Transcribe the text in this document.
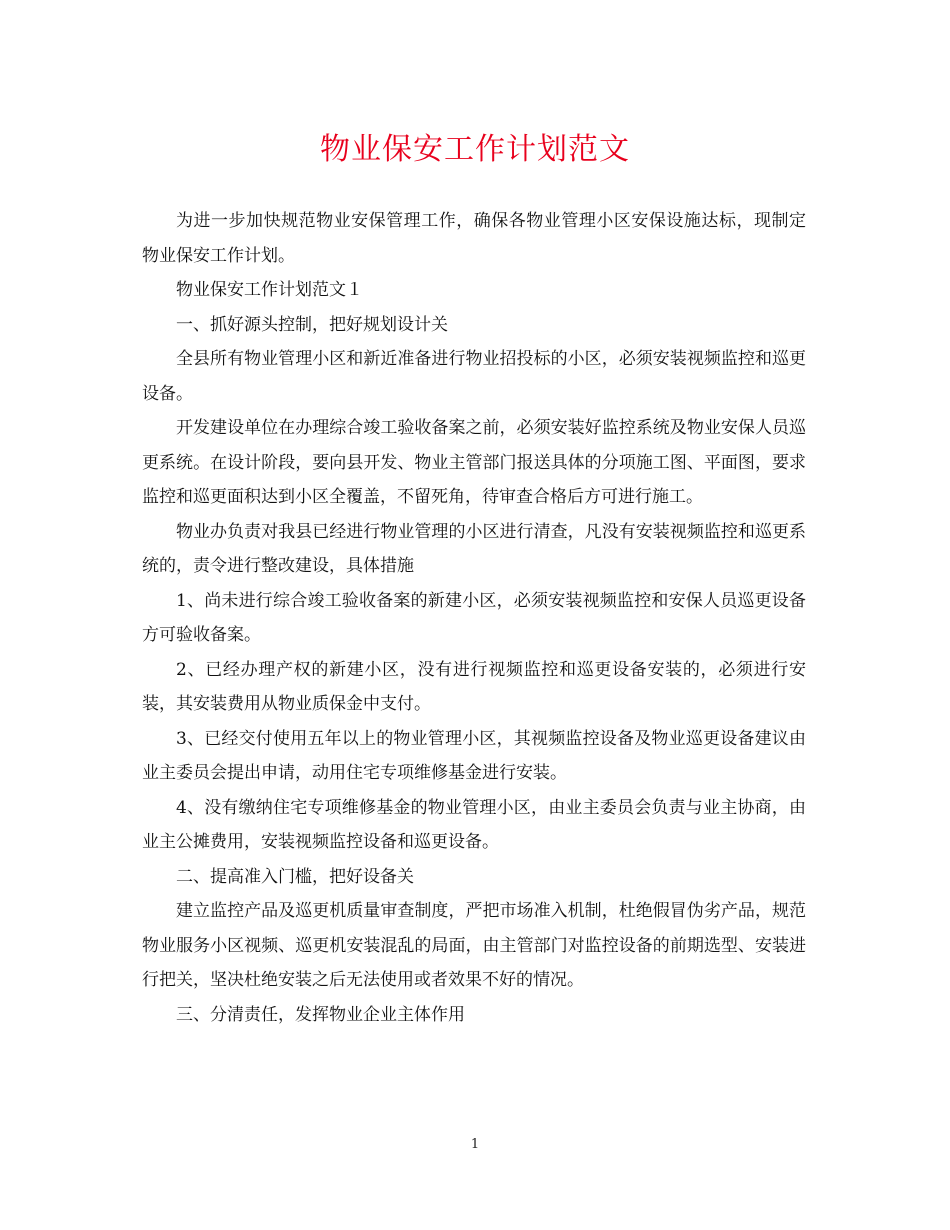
物业保安工作计划范文

为进一步加快规范物业安保管理工作，确保各物业管理小区安保设施达标，现制定　物业保安工作计划。

物业保安工作计划范文１

一、抓好源头控制，把好规划设计关

全县所有物业管理小区和新近准备进行物业招投标的小区，必须安装视频监控和巡更设备。

开发建设单位在办理综合竣工验收备案之前，必须安装好监控系统及物业安保人员巡更系统。在设计阶段，要向县开发、物业主管部门报送具体的分项施工图、平面图，要求监控和巡更面积达到小区全覆盖，不留死角，待审查合格后方可进行施工。

物业办负责对我县已经进行物业管理的小区进行清查，凡没有安装视频监控和巡更系统的，责令进行整改建设，具体措施

1、尚未进行综合竣工验收备案的新建小区，必须安装视频监控和安保人员巡更设备方可验收备案。

2、已经办理产权的新建小区，没有进行视频监控和巡更设备安装的，必须进行安装，其安装费用从物业质保金中支付。

3、已经交付使用五年以上的物业管理小区，其视频监控设备及物业巡更设备建议由业主委员会提出申请，动用住宅专项维修基金进行安装。

4、没有缴纳住宅专项维修基金的物业管理小区，由业主委员会负责与业主协商，由业主公摊费用，安装视频监控设备和巡更设备。

二、提高准入门槛，把好设备关

建立监控产品及巡更机质量审查制度，严把市场准入机制，杜绝假冒伪劣产品，规范物业服务小区视频、巡更机安装混乱的局面，由主管部门对监控设备的前期选型、安装进行把关，坚决杜绝安装之后无法使用或者效果不好的情况。

三、分清责任，发挥物业企业主体作用

1
